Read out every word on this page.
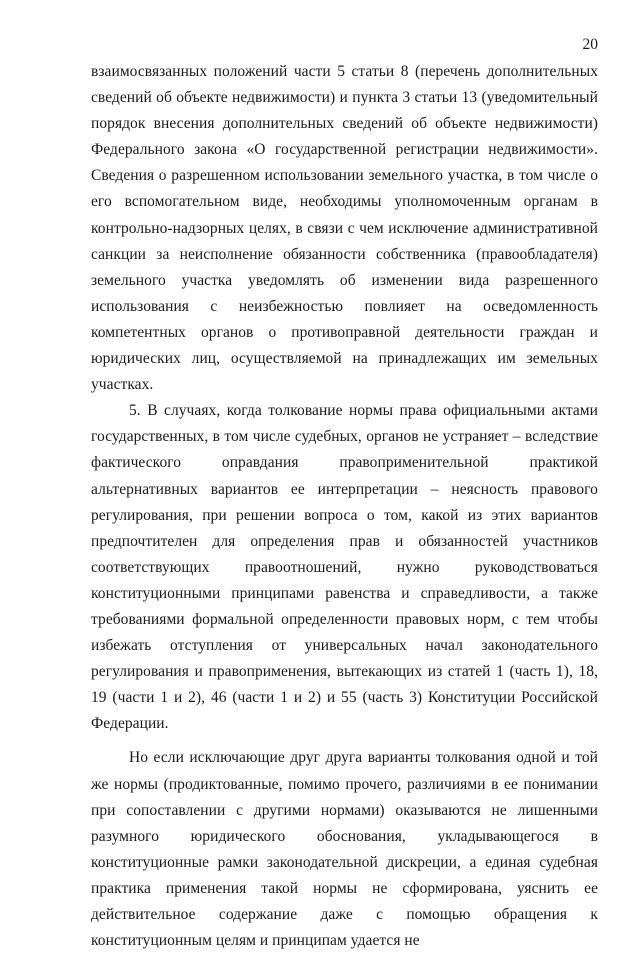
20

взаимосвязанных положений части 5 статьи 8 (перечень дополнительных сведений об объекте недвижимости) и пункта 3 статьи 13 (уведомительный порядок внесения дополнительных сведений об объекте недвижимости) Федерального закона «О государственной регистрации недвижимости». Сведения о разрешенном использовании земельного участка, в том числе о его вспомогательном виде, необходимы уполномоченным органам в контрольно-надзорных целях, в связи с чем исключение административной санкции за неисполнение обязанности собственника (правообладателя) земельного участка уведомлять об изменении вида разрешенного использования с неизбежностью повлияет на осведомленность компетентных органов о противоправной деятельности граждан и юридических лиц, осуществляемой на принадлежащих им земельных участках.

5. В случаях, когда толкование нормы права официальными актами государственных, в том числе судебных, органов не устраняет – вследствие фактического оправдания правоприменительной практикой альтернативных вариантов ее интерпретации – неясность правового регулирования, при решении вопроса о том, какой из этих вариантов предпочтителен для определения прав и обязанностей участников соответствующих правоотношений, нужно руководствоваться конституционными принципами равенства и справедливости, а также требованиями формальной определенности правовых норм, с тем чтобы избежать отступления от универсальных начал законодательного регулирования и правоприменения, вытекающих из статей 1 (часть 1), 18, 19 (части 1 и 2), 46 (части 1 и 2) и 55 (часть 3) Конституции Российской Федерации.

Но если исключающие друг друга варианты толкования одной и той же нормы (продиктованные, помимо прочего, различиями в ее понимании при сопоставлении с другими нормами) оказываются не лишенными разумного юридического обоснования, укладывающегося в конституционные рамки законодательной дискреции, а единая судебная практика применения такой нормы не сформирована, уяснить ее действительное содержание даже с помощью обращения к конституционным целям и принципам удается не
